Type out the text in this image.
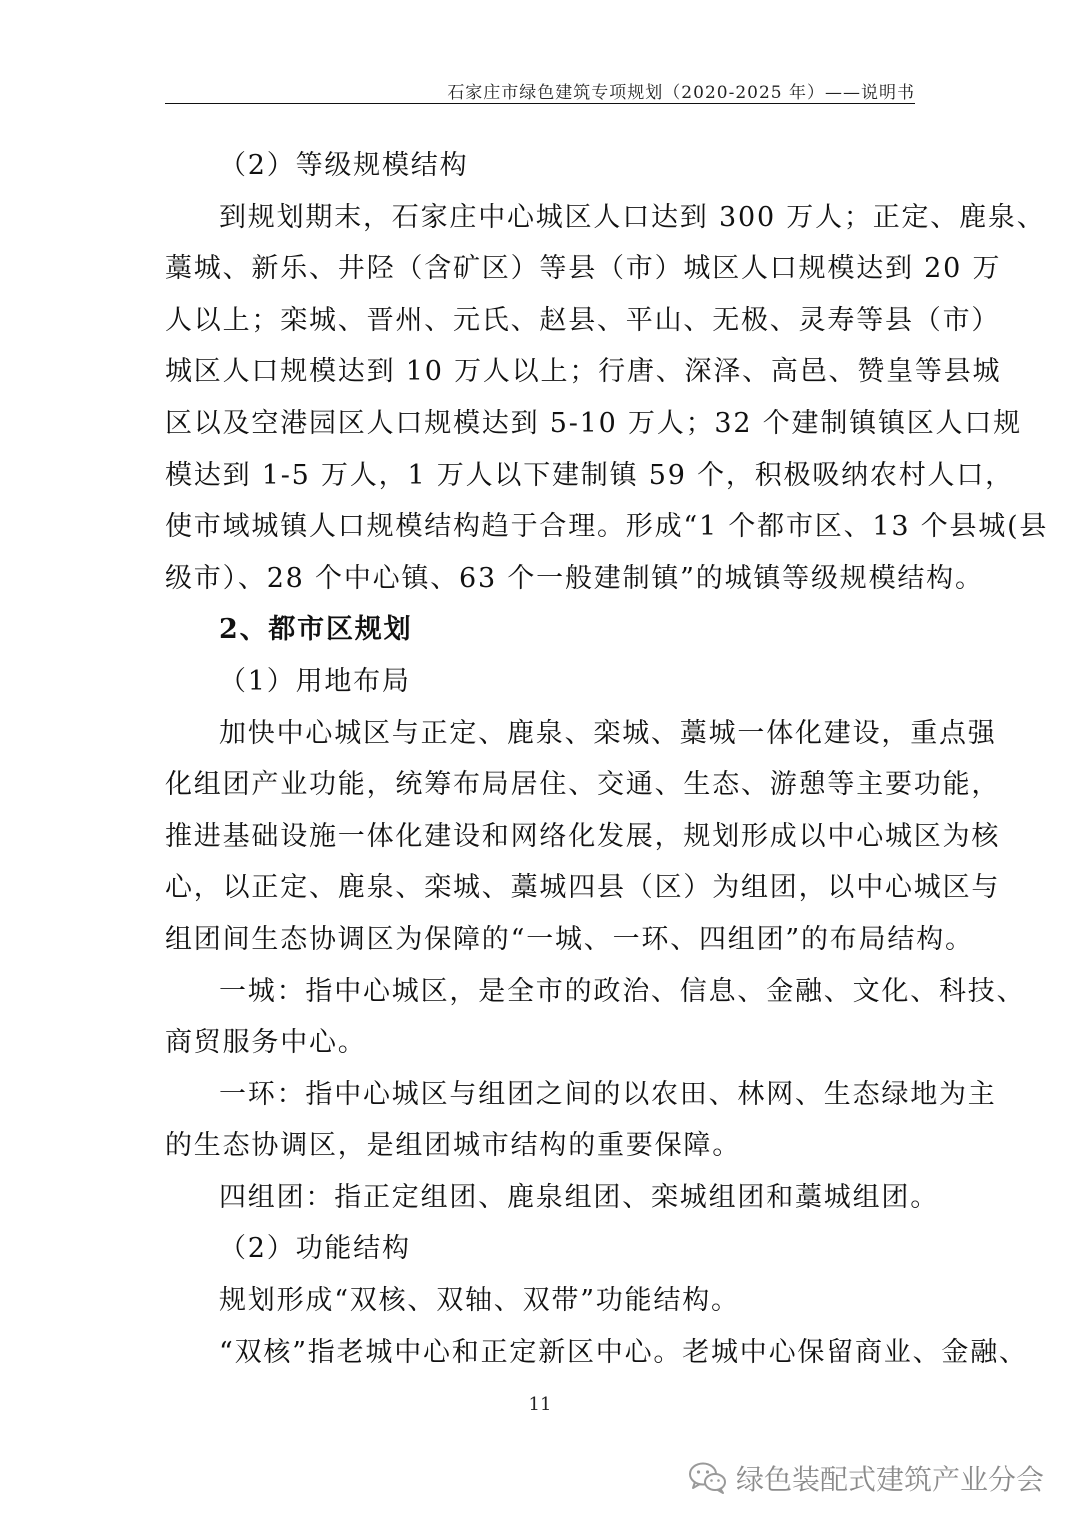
石家庄市绿色建筑专项规划（2020-2025 年）——说明书
（2）等级规模结构
到规划期末，石家庄中心城区人口达到 300 万人；正定、鹿泉、
藁城、新乐、井陉（含矿区）等县（市）城区人口规模达到 20 万
人以上；栾城、晋州、元氏、赵县、平山、无极、灵寿等县（市）
城区人口规模达到 10 万人以上；行唐、深泽、高邑、赞皇等县城
区以及空港园区人口规模达到 5-10 万人；32 个建制镇镇区人口规
模达到 1-5 万人，1 万人以下建制镇 59 个，积极吸纳农村人口，
使市域城镇人口规模结构趋于合理。形成“1 个都市区、13 个县城(县
级市）、28 个中心镇、63 个一般建制镇”的城镇等级规模结构。
2、都市区规划
（1）用地布局
加快中心城区与正定、鹿泉、栾城、藁城一体化建设，重点强
化组团产业功能，统筹布局居住、交通、生态、游憩等主要功能，
推进基础设施一体化建设和网络化发展，规划形成以中心城区为核
心，以正定、鹿泉、栾城、藁城四县（区）为组团，以中心城区与
组团间生态协调区为保障的“一城、一环、四组团”的布局结构。
一城：指中心城区，是全市的政治、信息、金融、文化、科技、
商贸服务中心。
一环：指中心城区与组团之间的以农田、林网、生态绿地为主
的生态协调区，是组团城市结构的重要保障。
四组团：指正定组团、鹿泉组团、栾城组团和藁城组团。
（2）功能结构
规划形成“双核、双轴、双带”功能结构。
“双核”指老城中心和正定新区中心。老城中心保留商业、金融、
11
绿色装配式建筑产业分会
